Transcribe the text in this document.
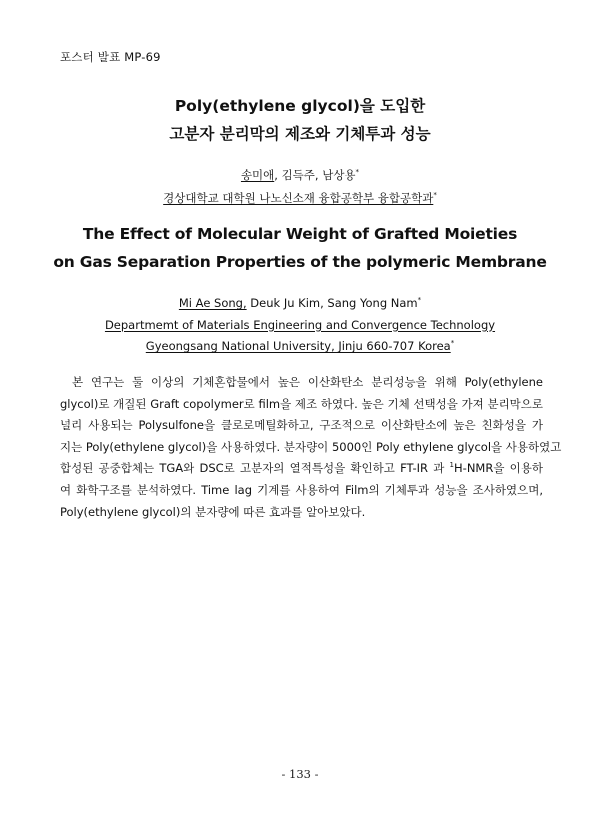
포스터 발표 MP-69
Poly(ethylene glycol)을 도입한
고분자 분리막의 제조와 기체투과 성능
송미애, 김득주, 남상용*
경상대학교 대학원 나노신소재 융합공학부 융합공학과*
The Effect of Molecular Weight of Grafted Moieties
on Gas Separation Properties of the polymeric Membrane
Mi Ae Song, Deuk Ju Kim, Sang Yong Nam*
Departmemt of Materials Engineering and Convergence Technology
Gyeongsang National University, Jinju 660-707 Korea*
본 연구는 둘 이상의 기체혼합물에서 높은 이산화탄소 분리성능을 위해 Poly(ethylene
glycol)로 개질된 Graft copolymer로 film을 제조 하였다. 높은 기체 선택성을 가져 분리막으로
널리 사용되는 Polysulfone을 클로로메틸화하고, 구조적으로 이산화탄소에 높은 친화성을 가
지는 Poly(ethylene glycol)을 사용하였다. 분자량이 5000인 Poly ethylene glycol을 사용하였고
합성된 공중합체는 TGA와 DSC로 고분자의 열적특성을 확인하고 FT-IR 과 $^1$H-NMR을 이용하
여 화학구조를 분석하였다. Time lag 기계를 사용하여 Film의 기체투과 성능을 조사하였으며,
Poly(ethylene glycol)의 분자량에 따른 효과를 알아보았다.
- 133 -
